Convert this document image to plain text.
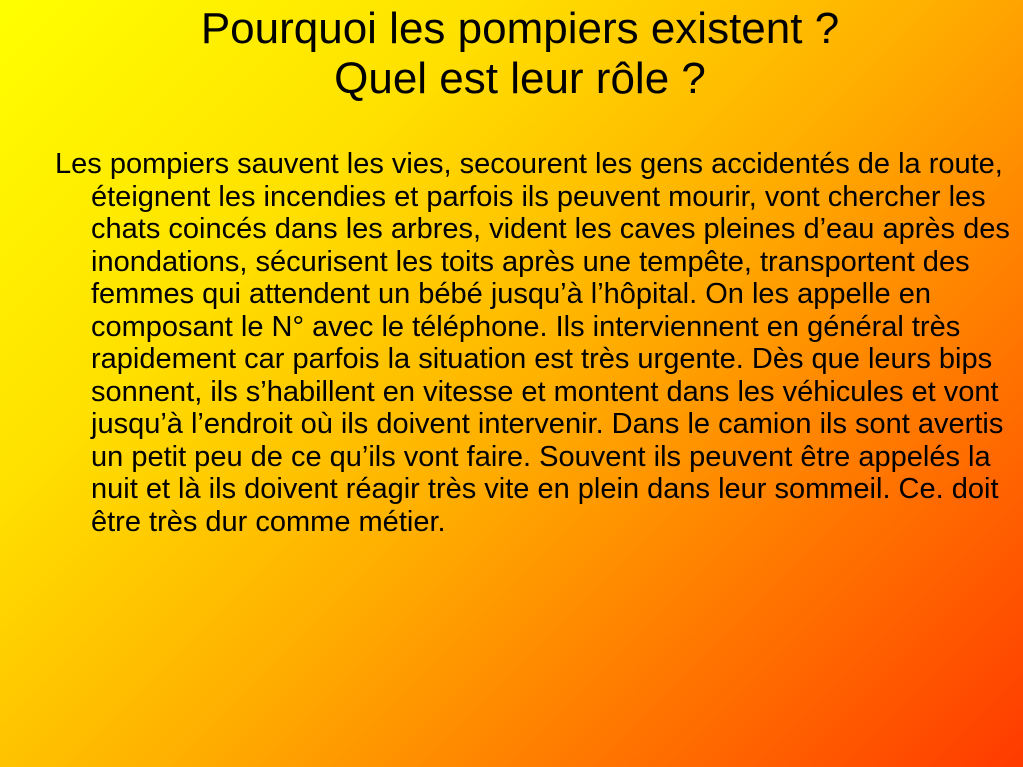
Pourquoi les pompiers existent ?
Quel est leur rôle ?

Les pompiers sauvent les vies, secourent les gens accidentés de la route, éteignent les incendies et parfois ils peuvent mourir, vont chercher les chats coincés dans les arbres, vident les caves pleines d’eau après des inondations, sécurisent les toits après une tempête, transportent des femmes qui attendent un bébé jusqu’à l’hôpital. On les appelle en composant le N° avec le téléphone. Ils interviennent en général très rapidement car parfois la situation est très urgente. Dès que leurs bips sonnent, ils s’habillent en vitesse et montent dans les véhicules et vont jusqu’à l’endroit où ils doivent intervenir. Dans le camion ils sont avertis un petit peu de ce qu’ils vont faire. Souvent ils peuvent être appelés la nuit et là ils doivent réagir très vite en plein dans leur sommeil. Ce. doit être très dur comme métier.
